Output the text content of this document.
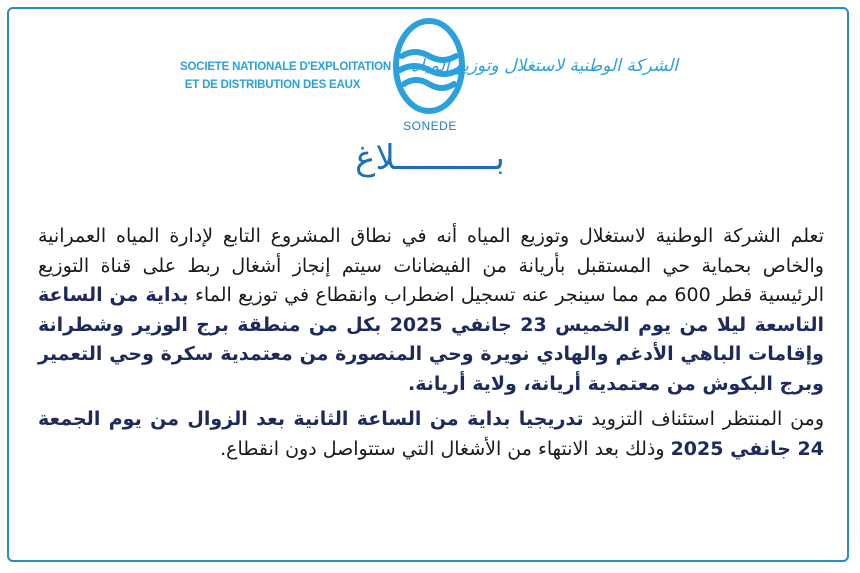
SOCIETE NATIONALE D'EXPLOITATION
ET DE DISTRIBUTION DES EAUX
SONEDE
الشركة الوطنية لاستغلال وتوزيع المياه
بــــــــــلاغ

تعلم الشركة الوطنية لاستغلال وتوزيع المياه أنه في نطاق المشروع التابع لإدارة المياه العمرانية والخاص بحماية حي المستقبل بأريانة من الفيضانات سيتم إنجاز أشغال ربط على قناة التوزيع الرئيسية قطر 600 مم مما سينجر عنه تسجيل اضطراب وانقطاع في توزيع الماء بداية من الساعة التاسعة ليلا من يوم الخميس 23 جانفي 2025 بكل من منطقة برج الوزير وشطرانة وإقامات الباهي الأدغم والهادي نويرة وحي المنصورة من معتمدية سكرة وحي التعمير وبرج البكوش من معتمدية أريانة، ولاية أريانة.

ومن المنتظر استئناف التزويد تدريجيا بداية من الساعة الثانية بعد الزوال من يوم الجمعة 24 جانفي 2025 وذلك بعد الانتهاء من الأشغال التي ستتواصل دون انقطاع.
